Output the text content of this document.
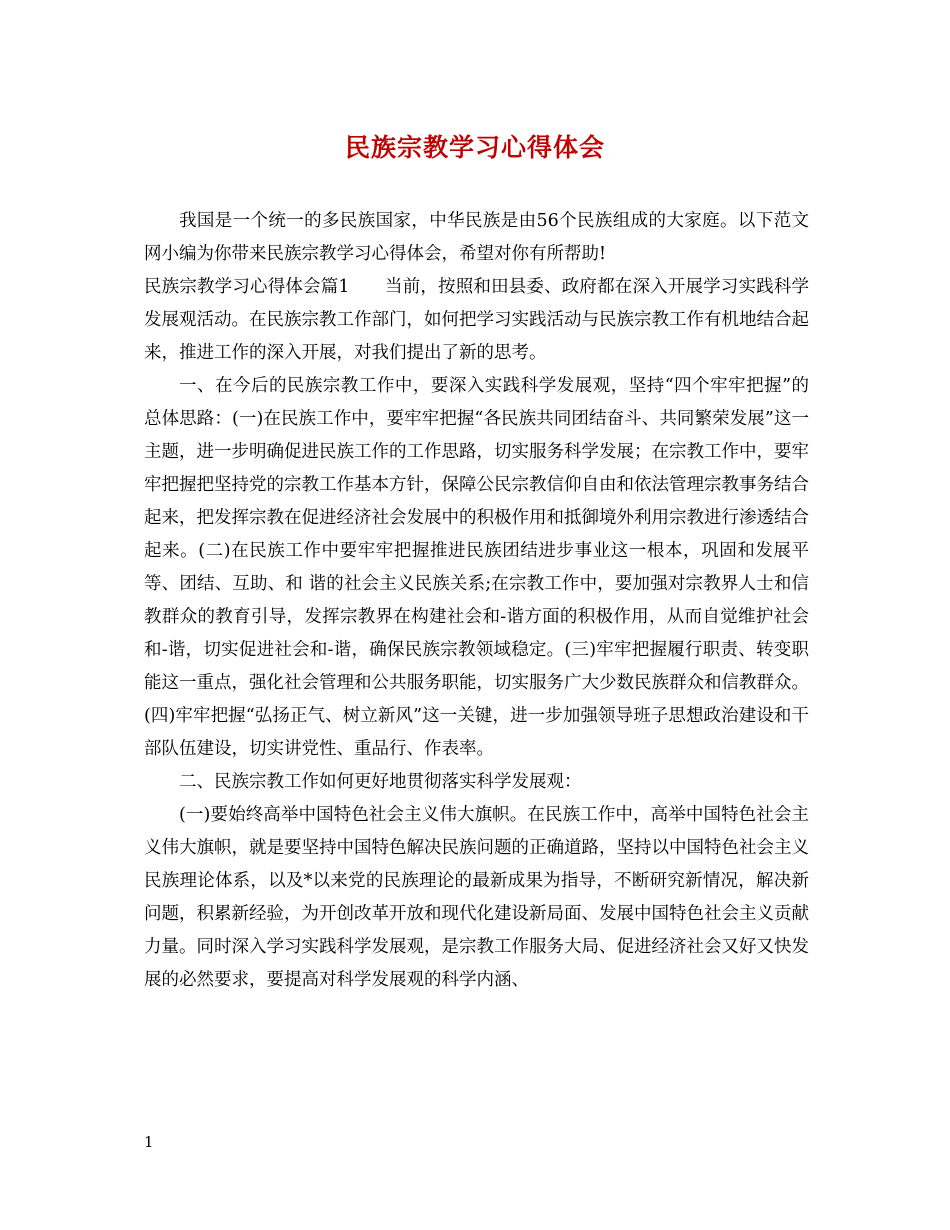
民族宗教学习心得体会

我国是一个统一的多民族国家，中华民族是由56个民族组成的大家庭。以下范文网小编为你带来民族宗教学习心得体会，希望对你有所帮助!

民族宗教学习心得体会篇1　　当前，按照和田县委、政府都在深入开展学习实践科学发展观活动。在民族宗教工作部门，如何把学习实践活动与民族宗教工作有机地结合起来，推进工作的深入开展，对我们提出了新的思考。

一、在今后的民族宗教工作中，要深入实践科学发展观，坚持“四个牢牢把握”的总体思路：(一)在民族工作中，要牢牢把握“各民族共同团结奋斗、共同繁荣发展”这一主题，进一步明确促进民族工作的工作思路，切实服务科学发展；在宗教工作中，要牢牢把握把坚持党的宗教工作基本方针，保障公民宗教信仰自由和依法管理宗教事务结合起来，把发挥宗教在促进经济社会发展中的积极作用和抵御境外利用宗教进行渗透结合起来。(二)在民族工作中要牢牢把握推进民族团结进步事业这一根本，巩固和发展平等、团结、互助、和 谐的社会主义民族关系;在宗教工作中，要加强对宗教界人士和信教群众的教育引导，发挥宗教界在构建社会和-谐方面的积极作用，从而自觉维护社会和-谐，切实促进社会和-谐，确保民族宗教领域稳定。(三)牢牢把握履行职责、转变职能这一重点，强化社会管理和公共服务职能，切实服务广大少数民族群众和信教群众。(四)牢牢把握“弘扬正气、树立新风”这一关键，进一步加强领导班子思想政治建设和干部队伍建设，切实讲党性、重品行、作表率。

二、民族宗教工作如何更好地贯彻落实科学发展观：

(一)要始终高举中国特色社会主义伟大旗帜。在民族工作中，高举中国特色社会主义伟大旗帜，就是要坚持中国特色解决民族问题的正确道路，坚持以中国特色社会主义民族理论体系，以及*以来党的民族理论的最新成果为指导，不断研究新情况，解决新问题，积累新经验，为开创改革开放和现代化建设新局面、发展中国特色社会主义贡献力量。同时深入学习实践科学发展观，是宗教工作服务大局、促进经济社会又好又快发展的必然要求，要提高对科学发展观的科学内涵、

1
